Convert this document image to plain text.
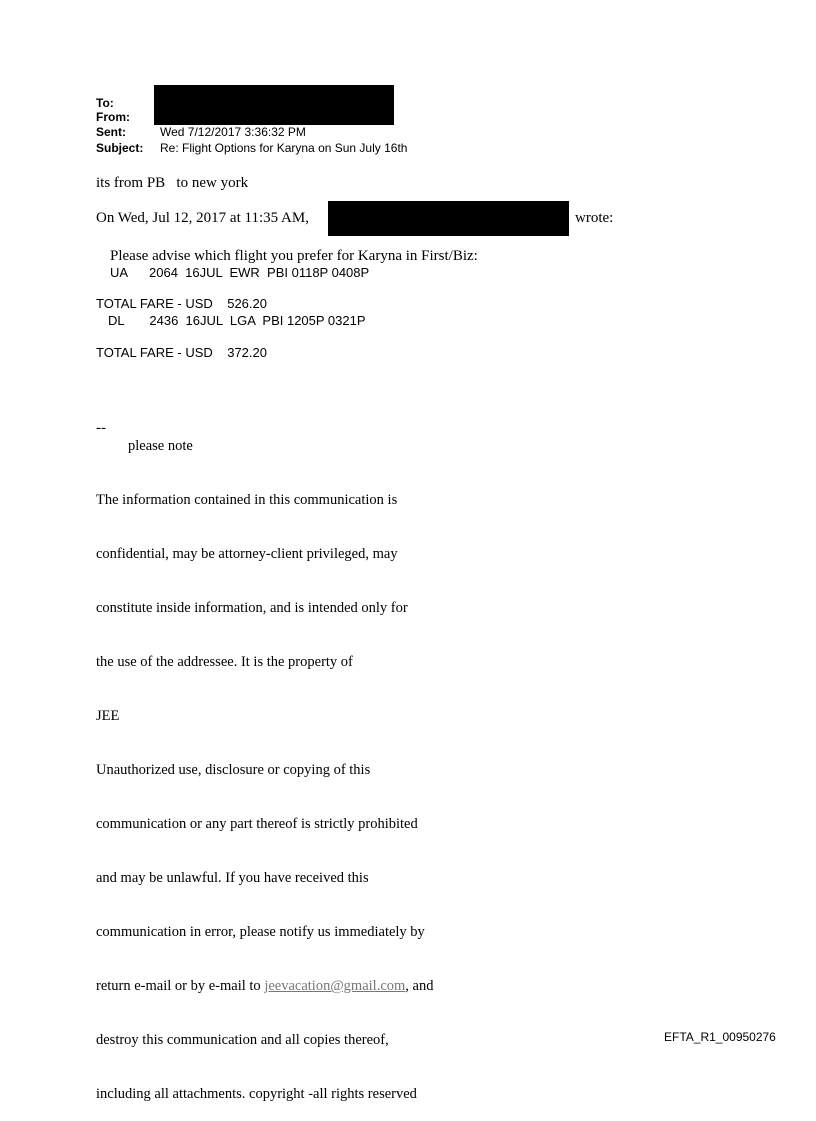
To:
From:
Sent:	Wed 7/12/2017 3:36:32 PM
Subject: Re: Flight Options for Karyna on Sun July 16th
its from PB   to new york
On Wed, Jul 12, 2017 at 11:35 AM,	wrote:
Please advise which flight you prefer for Karyna in First/Biz:
UA      2064  16JUL  EWR  PBI 0118P 0408P
TOTAL FARE - USD    526.20
DL       2436  16JUL  LGA  PBI 1205P 0321P
TOTAL FARE - USD    372.20
--
please note

The information contained in this communication is

confidential, may be attorney-client privileged, may

constitute inside information, and is intended only for

the use of the addressee. It is the property of

JEE

Unauthorized use, disclosure or copying of this

communication or any part thereof is strictly prohibited

and may be unlawful. If you have received this

communication in error, please notify us immediately by

return e-mail or by e-mail to jeevacation@gmail.com, and

destroy this communication and all copies thereof,

including all attachments. copyright -all rights reserved

EFTA_R1_00950276
